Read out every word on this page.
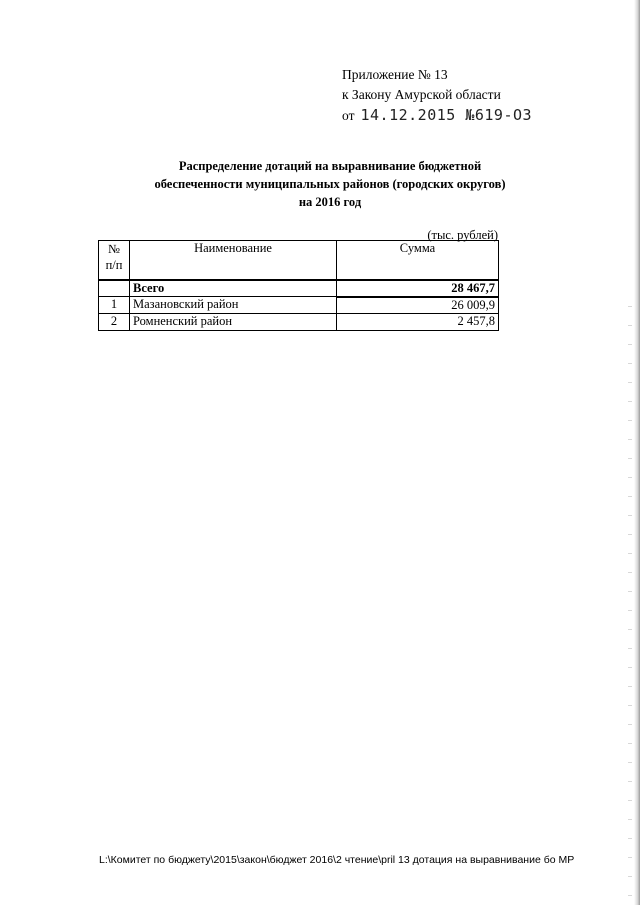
Приложение № 13
к Закону Амурской области
от 14.12.2015 №619-ОЗ
Распределение дотаций на выравнивание бюджетной
обеспеченности муниципальных районов (городских округов)
на 2016 год
(тыс. рублей)
№
п/п	Наименование	Сумма
	Всего	28 467,7
1	Мазановский район	26 009,9
2	Ромненский район	2 457,8
L:\Комитет по бюджету\2015\закон\бюджет 2016\2 чтение\pril 13 дотация на выравнивание бо МР
